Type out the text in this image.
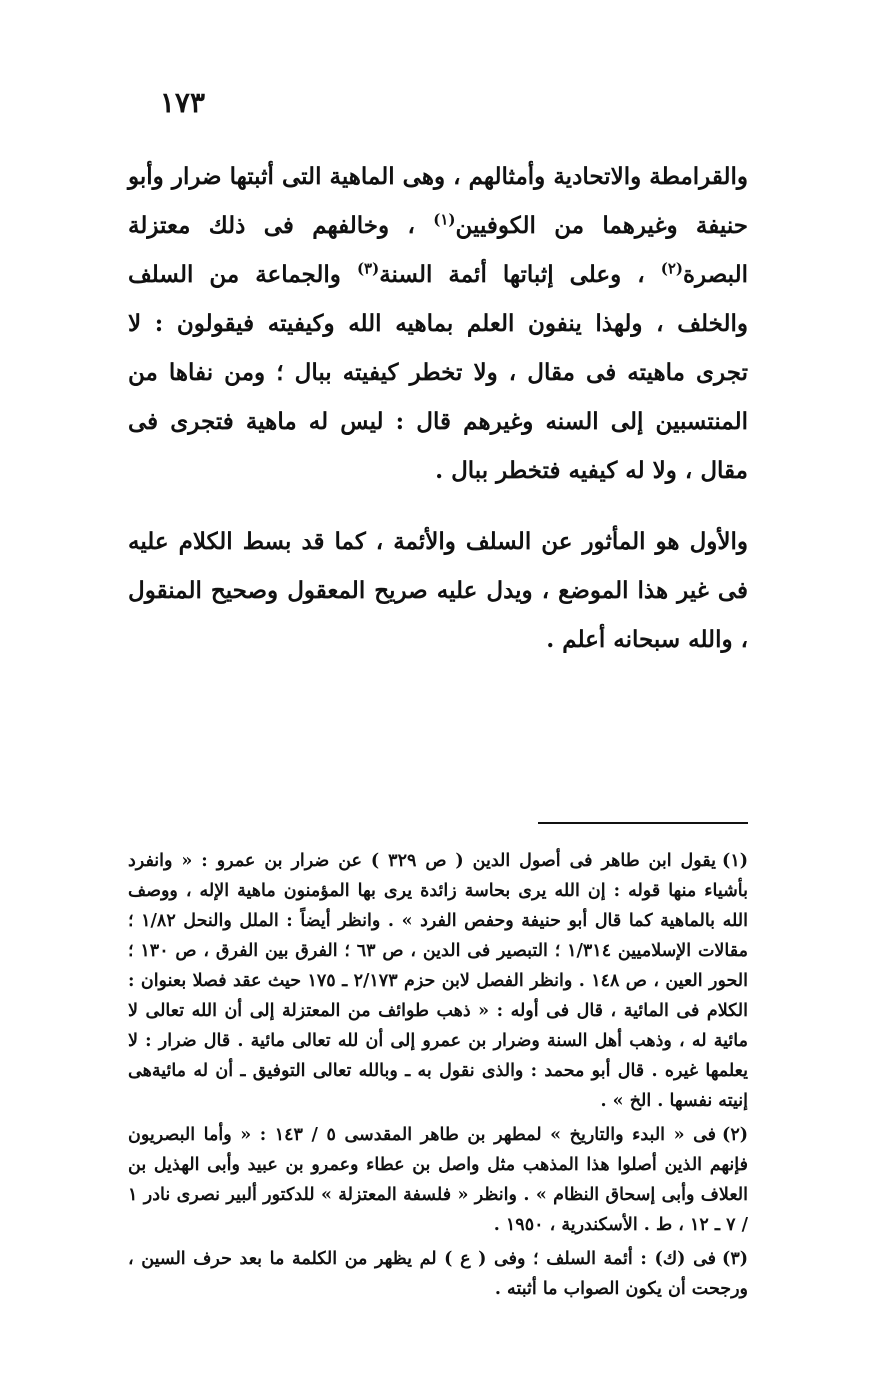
١٧٣

والقرامطة والاتحادية وأمثالهم ، وهى الماهية التى أثبتها ضرار وأبو حنيفة وغيرهما من الكوفيين$^{(١)}$ ، وخالفهم فى ذلك معتزلة البصرة$^{(٢)}$ ، وعلى إثباتها أئمة السنة$^{(٣)}$ والجماعة من السلف والخلف ، ولهذا ينفون العلم بماهيه الله وكيفيته فيقولون : لا تجرى ماهيته فى مقال ، ولا تخطر كيفيته ببال ؛ ومن نفاها من المنتسبين إلى السنه وغيرهم قال : ليس له ماهية فتجرى فى مقال ، ولا له كيفيه فتخطر ببال .

والأول هو المأثور عن السلف والأئمة ، كما قد بسط الكلام عليه فى غير هذا الموضع ، ويدل عليه صريح المعقول وصحيح المنقول ، والله سبحانه أعلم .

(١)يقول ابن طاهر فى أصول الدين ( ص ٣٢٩ ) عن ضرار بن عمرو : « وانفرد بأشياء منها قوله : إن الله يرى بحاسة زائدة يرى بها المؤمنون ماهية الإله ، ووصف الله بالماهية كما قال أبو حنيفة وحفص الفرد » . وانظر أيضاً : الملل والنحل ١/٨٢ ؛ مقالات الإسلاميين ١/٣١٤ ؛ التبصير فى الدين ، ص ٦٣ ؛ الفرق بين الفرق ، ص ١٣٠ ؛ الحور العين ، ص ١٤٨ . وانظر الفصل لابن حزم ٢/١٧٣ ـ ١٧٥ حيث عقد فصلا بعنوان : الكلام فى المائية ، قال فى أوله : « ذهب طوائف من المعتزلة إلى أن الله تعالى لا مائية له ، وذهب أهل السنة وضرار بن عمرو إلى أن لله تعالى مائية . قال ضرار : لا يعلمها غيره . قال أبو محمد : والذى نقول به ـ وبالله تعالى التوفيق ـ أن له مائيةهى إنيته نفسها . الخ » .

(٢)فى « البدء والتاريخ » لمطهر بن طاهر المقدسى ٥ / ١٤٣ : « وأما البصريون فإنهم الذين أصلوا هذا المذهب مثل واصل بن عطاء وعمرو بن عبيد وأبى الهذيل بن العلاف وأبى إسحاق النظام » . وانظر « فلسفة المعتزلة » للدكتور ألبير نصرى نادر ١ / ٧ ـ ١٢ ، ط . الأسكندرية ، ١٩٥٠ .

(٣)فى (ك) : أئمة السلف ؛ وفى ( ع ) لم يظهر من الكلمة ما بعد حرف السين ، ورجحت أن يكون الصواب ما أثبته .
